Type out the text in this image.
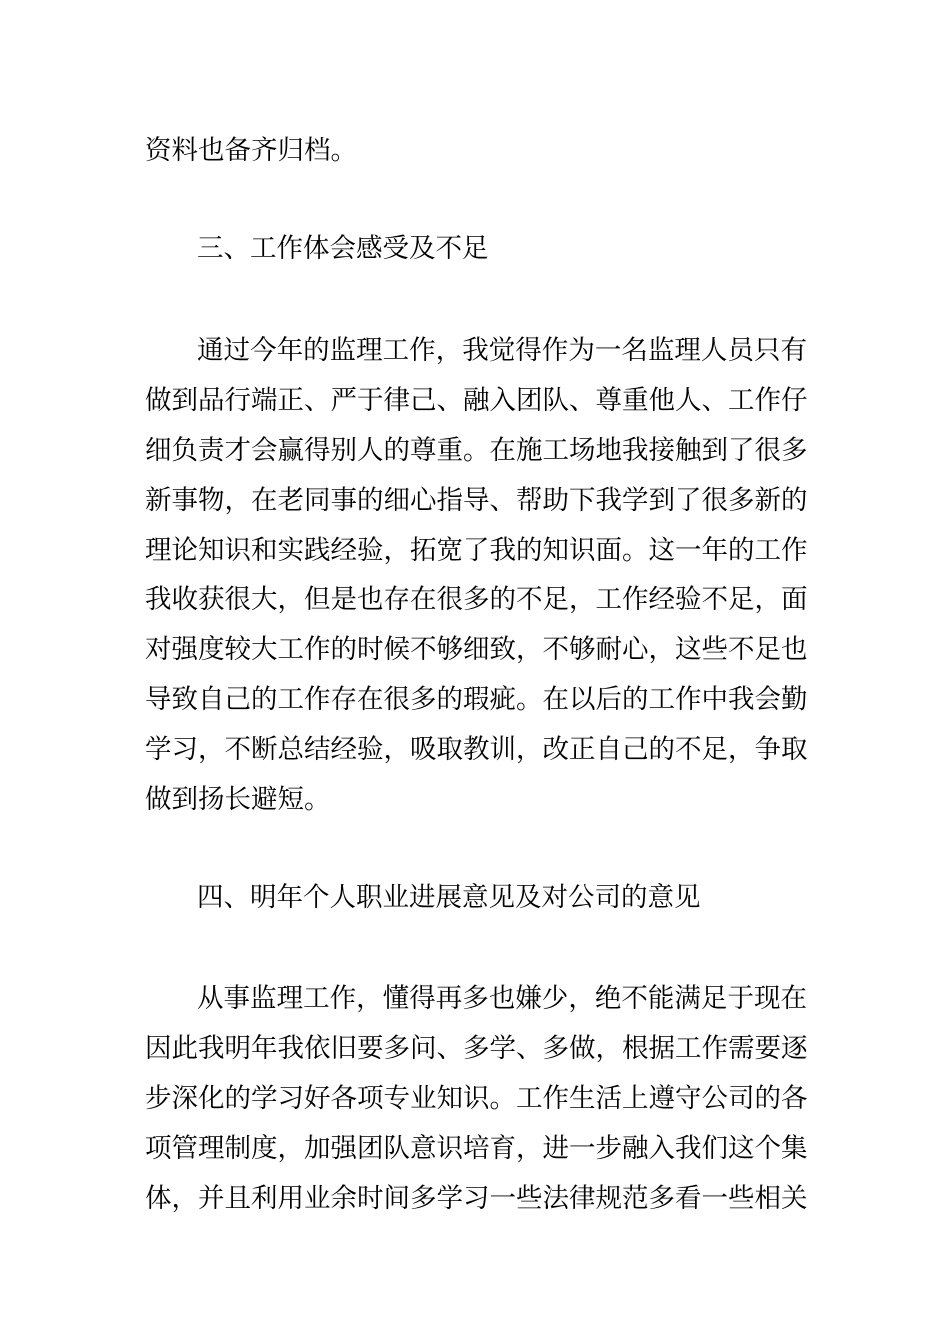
资料也备齐归档。
三、工作体会感受及不足
通过今年的监理工作，我觉得作为一名监理人员只有
做到品行端正、严于律己、融入团队、尊重他人、工作仔
细负责才会赢得别人的尊重。在施工场地我接触到了很多
新事物，在老同事的细心指导、帮助下我学到了很多新的
理论知识和实践经验，拓宽了我的知识面。这一年的工作
我收获很大，但是也存在很多的不足，工作经验不足，面
对强度较大工作的时候不够细致，不够耐心，这些不足也
导致自己的工作存在很多的瑕疵。在以后的工作中我会勤
学习，不断总结经验，吸取教训，改正自己的不足，争取
做到扬长避短。
四、明年个人职业进展意见及对公司的意见
从事监理工作，懂得再多也嫌少，绝不能满足于现在
因此我明年我依旧要多问、多学、多做，根据工作需要逐
步深化的学习好各项专业知识。工作生活上遵守公司的各
项管理制度，加强团队意识培育，进一步融入我们这个集
体，并且利用业余时间多学习一些法律规范多看一些相关
